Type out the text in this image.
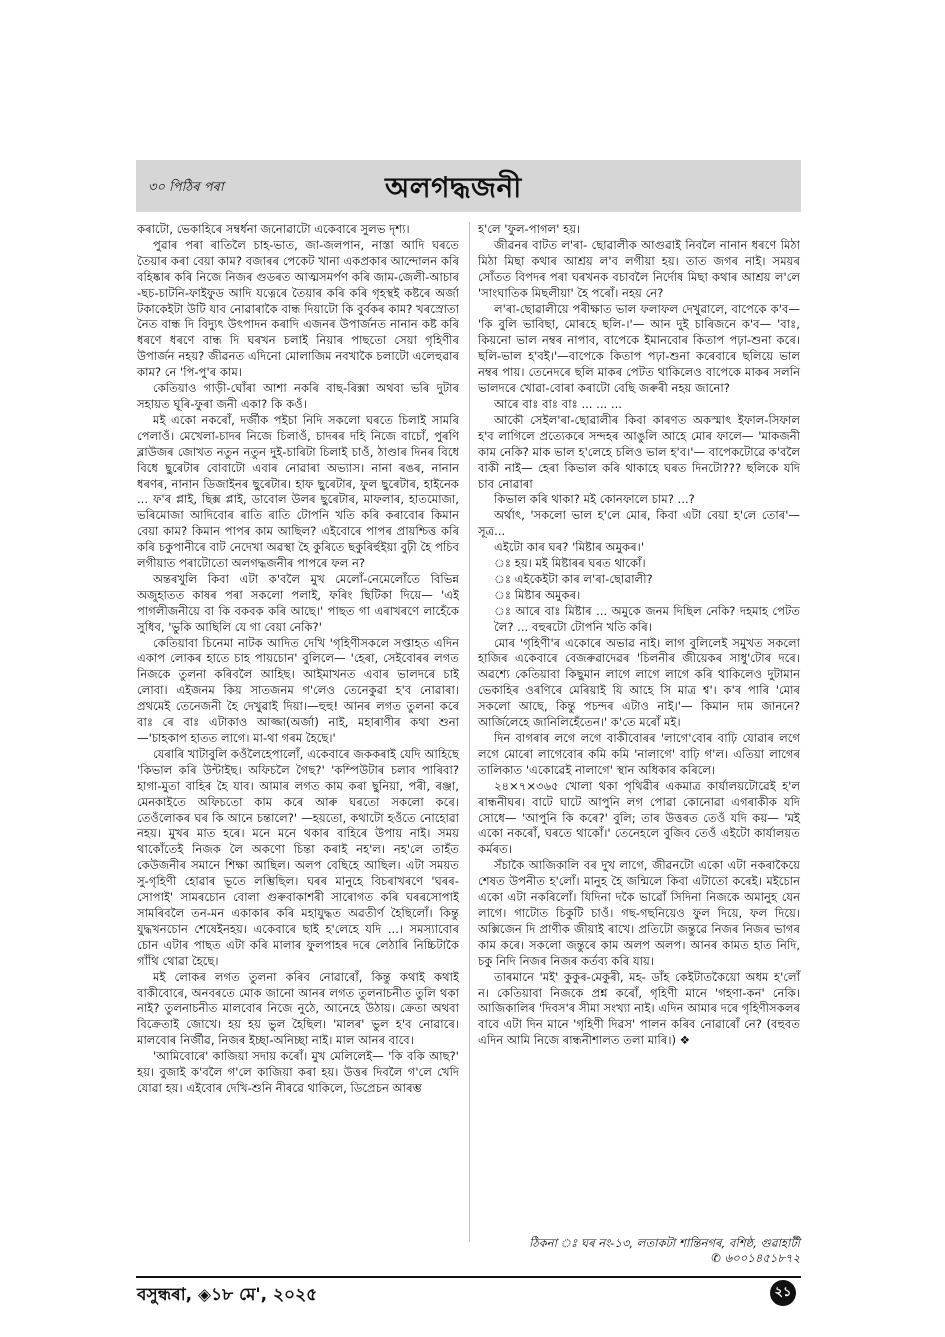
৩০ পিঠিৰ পৰা	অলগদ্ধজনী

কৰাটো, ভেকাহিৰে সম্বৰ্ধনা জনোৱাটো একেবাৰে সুলভ দৃশ্য।

পুৱাৰ পৰা ৰাতিলৈ চাহ-ভাত, জা-জলপান, নাস্তা আদি ঘৰতে তৈয়াৰ কৰা বেয়া কাম? বজাৰৰ পেকেট খানা একপ্ৰকাৰ আন্দোলন কৰি বহিষ্কাৰ কৰি নিজে নিজৰ গুডৰত আত্মসমৰ্পণ কৰি জাম-জেলী-আচাৰ -ছচ-চাটনি-ফাইফুড আদি যত্নেৰে তৈয়াৰ কৰি কৰি গৃহস্থই কষ্টৰে অৰ্জা টকাকেইটা উটি যাব নোৱাৰাকৈ বান্ধ দিয়াটো কি বুৰ্বকৰ কাম? খৰস্ৰোতা নৈত বান্ধ দি বিদ্যুৎ উৎপাদন কৰাদি এজনৰ উপাৰ্জনত নানান কষ্ট কৰি ধৰণে ধৰণে বান্ধ দি ঘৰখন চলাই নিয়াৰ পাছতো সেয়া গৃহিণীৰ উপাৰ্জন নহয়? জীৱনত এদিনো মোলাজিম নবখাকৈ চলাটো এলেহুৱাৰ কাম? নে 'পি-পু'ৰ কাম।

কেতিয়াও গাড়ী-ঘোঁৰা আশা নকৰি বাছ-ৰিক্সা অথবা ভৰি দুটাৰ সহায়ত ঘূৰি-ফুৰা জনী একা? কি কওঁ।

মই একো নকৰোঁ, দৰ্জীক পইচা নিদি সকলো ঘৰতে চিলাই সামৰি পেলাওঁ। মেখেলা-চাদৰ নিজে চিলাওঁ, চাদৰৰ দহি নিজে বাচোঁ, পুৰণি ব্লাউজৰ জোখত নতুন নতুন দুই-চাৰিটা চিলাই চাওঁ, ঠাণ্ডাৰ দিনৰ বিধে বিধে ছুৰেটাৰ বোবাটো এবাৰ নোৱাৰা অভ্যাস। নানা ৰঙৰ, নানান ধৰণৰ, নানান ডিজাইনৰ ছুৰেটাৰ। হাফ ছুৰেটাৰ, ফুল ছুৰেটাৰ, হাইনেক ... ফ'ৰ প্লাই, ছিক্স প্লাই, ডাবোল উলৰ ছুৰেটাৰ, মাফলাৰ, হাতমোজা, ভৰিমোজা আদিবোৰ ৰাতি ৰাতি টোপনি খতি কৰি কৰাবোৰ কিমান বেয়া কাম? কিমান পাপৰ কাম আছিল? এইবোৰে পাপৰ প্ৰায়শ্চিত্ত কৰি কৰি চকুপানীৰে বাট নেদেখা অৱস্থা হৈ কুৰিতে ছকুৰিৰ্হুইয়া বুঢ়ী হৈ পচিব লগীয়াত পৰাটোতো অলগদ্ধজনীৰ পাপৰে ফল ন?

অন্তৰখুলি কিবা এটা ক'বলৈ মুখ মেলোঁ-নেমেলোঁতে বিভিন্ন অজুহাতত কাষৰ পৰা সকলো পলাই, ফৰিং ছিটিকা দিয়ে— 'এই পাগলীজনীয়ে বা কি বকবক কৰি আছে।' পাছত গা এৰাখৰণে লাহেঁকে সুধিব, 'ভুকি আছিলি যে গা বেয়া নেকি?'

কেতিয়াবা চিনেমা নাটক আদিত দেখি 'গৃহিণীসকলে সপ্তাহত এদিন একাপ লোকৰ হাতে চাহ পায়চোন' বুলিলে— 'হেৰা, সেইবোৰৰ লগত নিজকে তুলনা কৰিবলৈ আহিছ। আইমাখনত এবাৰ ভালদৰে চাই লোবা। এইজনম কিয় সাতজনম গ'লেও তেনেকুৱা হ'ব নোৱাৰা। প্ৰথমেই তেনেজনী হৈ দেখুৱাই দিয়া।—হুহু! আনৰ লগত তুলনা কৰে বাঃ ৰে বাঃ এটাকাও আজ্জা(অৰ্জা) নাই, মহাৰাণীৰ কথা শুনা—'চাহকাপ হাতত লাগে। মা-থা গৰম হৈছে।'

যেৰাৰি খাটাবুলি কওঁলৈহেপালোঁ, একেবাৰে জককৰাই যেদি আহিছে 'কিভাল কৰি উন্টাইছ। অফিচলৈ গৈছ?' 'কম্পিউটাৰ চলাব পাৰিবা? হাগা-মুতা বাহিৰ হৈ যাব। আমাৰ লগত কাম কৰা ছুনিয়া, পৰী, ৰঞ্জা, মেনকাইতে অফিচতো কাম কৰে আৰু ঘৰতো সকলো কৰে। তেওঁলোকৰ ঘৰ কি আনে চন্তালে?' —হয়তো, কথাটো হওঁতে নোহোৱা নহয়। মুখৰ মাত হৰে। মনে মনে থকাৰ বাহিৰে উপায় নাই। সময় থাকোঁতেই নিজক লৈ অকণো চিন্তা কৰাই নহ'ল। নহ'লে তাহঁত কেউজনীৰ সমানে শিক্ষা আছিল। অলপ বেছিহে আছিল। এটা সময়ত সু-গৃহিণী হোৱাৰ ভূতে লম্ভিছিল। ঘৰৰ মানুহে বিচৰাখৰণে 'ঘৰৰ-সোপাই' সামৰচোন বোলা গুৰুবাকাশৰী সাৰোগত কৰি ঘৰৰসোপাই সামৰিবলৈ তন-মন একাকাৰ কৰি মহাযুদ্ধত অৱতীৰ্ণ হৈছিলোঁ। কিন্তু যুদ্ধখনচোন শেষেইনহয়। একেবাৰে ছাই হ'লেহে যদি ...। সমস্যাবোৰ চোন এটাৰ পাছত এটা কৰি মালাৰ ফুলপাহৰ দৰে লেঠাৰি নিচ্চিটাকৈ গাঁথি থোৱা হৈছে।

মই লোকৰ লগত তুলনা কৰিব নোৱাৰোঁ, কিন্তু কথাই কথাই বাকীবোৰে, অনবৰতে মোক জানো আনৰ লগত তুলনাচনীত তুলি থকা নাই? তুলনাচনীত মালবোৰ নিজে নুঠে, আনেহে উঠায়। ক্ৰেতা অথবা বিক্ৰেতাই জোখে। হয় হয় ভুল হৈছিল। 'মালৰ' ভুল হ'ব নোৱাৰে। মালবোৰ নিৰ্জীৱ, নিজৰ ইচ্ছা-অনিচ্ছা নাই। মাল আনৰ বাবে।

'আমিবোৰে' কাজিয়া সদায় কৰোঁ। মুখ মেলিলেই— 'কি বকি আছ?' হয়। বুজাই ক'বলৈ গ'লে কাজিয়া কৰা হয়। উত্তৰ দিবলৈ গ'লে খেদি যোৱা হয়। এইবোৰ দেখি-শুনি নীৰৱে থাকিলে, ডিপ্ৰেচন আৰম্ভ

হ'লে 'ফুল-পাগল' হয়।

জীৱনৰ বাটত ল'ৰা- ছোৱালীক আগুৱাই নিবলৈ নানান ধৰণে মিঠা মিঠা মিছা কথাৰ আশ্ৰয় ল'ব লগীয়া হয়। তাত জগৰ নাই। সময়ৰ সোঁতত বিপদৰ পৰা ঘৰখনক বচাবলৈ নিৰ্দোষ মিছা কথাৰ আশ্ৰয় ল'লে 'সাংঘাতিক মিছলীয়া' হৈ পৰোঁ। নহয় নে?

ল'ৰা-ছোৱালীয়ে পৰীক্ষাত ভাল ফলাফল দেখুৱালে, বাপেকে ক'ব— 'কি বুলি ভাবিছা, মোৰহে ছলি-।'— আন দুই চাৰিজনে ক'ব— 'বাঃ, কিয়নো ভাল নম্বৰ নাপাব, বাপেকে ইমানবোৰ কিতাপ পঢ়া-শুনা কৰে। ছলি-ভাল হ'বই।'—বাপেকে কিতাপ পঢ়া-শুনা কৰেবাৰে ছলিয়ে ভাল নম্বৰ পায়। তেনেদৰে ছলি মাকৰ পেটত থাকিলেও বাপেকে মাকৰ সলনি ভালদৰে খোৱা-বোৰা কৰাটো বেছি জৰুৰী নহয় জানো?

আৰে বাঃ বাঃ বাঃ ... ... ...

আকৌ সেইল'ৰা-ছোৱালীৰ কিবা কাৰণত অকস্মাৎ ইফাল-সিফাল হ'ব লাগিলে প্ৰত্যেকৰে সন্দহৰ আঙুলি আহে মোৰ ফালে— 'মাকজনী কাম নেকি? মাক ভাল হ'লেহে চলিও ভাল হ'ব।'— বাপেকটোৱে ক'বলৈ বাকী নাই— হেৰা কিভাল কৰি থাকাহে ঘৰত দিনটো??? ছলিকে যদি চাব নোৱাৰা

কিভাল কৰি থাকা? মই কোনফালে চাম? ...?

অৰ্থাৎ, 'সকলো ভাল হ'লে মোৰ, কিবা এটা বেয়া হ'লে তোৰ'—সূত্ৰ...

এইটো কাৰ ঘৰ? 'মিষ্টাৰ অমুকৰ।'

ঃ হয়। মই মিষ্টাৰৰ ঘৰত থাকোঁ।

ঃ এইকেইটা কাৰ ল'ৰা-ছোৱালী?

ঃ মিষ্টাৰ অমুকৰ।

ঃ আৰে বাঃ মিষ্টাৰ ... অমুকে জনম দিছিল নেকি? দহমাহ পেটত লৈ? ... বহুৰটো টোপনি খতি কৰি।

মোৰ 'গৃহিণী'ৰ একোৰে অভাৱ নাই। লাগ বুলিলেই সমুখত সকলো হাজিৰ একেবাৰে বেজৰুৱাদেৱৰ 'চিলনীৰ জীয়েকৰ সাধু'টোৰ দৰে। অৱশ্যে কেতিয়াবা কিছুমান লাগে লাগে লাগে কৰি থাকিলেও দুটামান ভেকাহিৰ ওৰণিৰে মেৰিয়াই যি আহে সি মাত্ৰ শ্ব'। ক'ৰ পাৰি 'মোৰ সকলো আছে, কিন্তু পচন্দৰ এটাও নাই।'— কিমান দাম জাননে? আৰ্জিলেহে জানিলিহেঁতেন।' ক'তে মৰোঁ মই।

দিন বাগৰাৰ লগে লগে বাকীবোৰৰ 'লাগে'বোৰ বাঢ়ি যোৱাৰ লগে লগে মোৰো লাগেবোৰ কমি কমি 'নালাগে' বাঢ়ি গ'ল। এতিয়া লাগেৰ তালিকাত 'একোৱেই নালাগে' স্থান অধিকাৰ কৰিলে।

২৪×৭×৩৬৫ খোলা থকা পৃথিৱীৰ একমাত্ৰ কাৰ্যালয়টোৱেই হ'ল ৰান্ধনীঘৰ। বাটে ঘাটে আপুনি লগ পোৱা কোনোৱা এগৰাকীক যদি সোধে— 'আপুনি কি কৰে?' বুলি; তাৰ উত্তৰত তেওঁ যদি কয়— 'মই একো নকৰোঁ, ঘৰতে থাকোঁ।' তেনেহলে বুজিব তেওঁ এইটো কাৰ্যালয়ত কৰ্মৰত।

সঁচাকৈ আজিকালি বৰ দুখ লাগে, জীৱনটো একো এটা নকৰাকৈয়ে শেষত উপনীত হ'লোঁ। মানুহ হৈ জন্মিলে কিবা এটাতো কৰেই। মইচোন একো এটা নকৰিলোঁ। যিদিনা দকৈ ভাৱোঁ সিদিনা নিজকে অমানুহ যেন লাগে। গাটোত চিকুটি চাওঁ। গছ-গছনিয়েও ফুল দিয়ে, ফল দিয়ে। অক্সিজেন দি প্ৰাণীক জীয়াই ৰাখে। প্ৰতিটো জন্তুৱে নিজৰ নিজৰ ভাগৰ কাম কৰে। সকলো জন্তুৰে কাম অলপ অলপ। আনৰ কামত হাত নিদি, চকু নিদি নিজৰ নিজৰ কৰ্তব্য কৰি যায়।

তাৰমানে 'মই' কুকুৰ-মেকুৰী, মহ- ডাঁহ কেইটাতকৈয়ো অধম হ'লোঁ ন। কেতিয়াবা নিজকে প্ৰশ্ন কৰোঁ, গৃহিণী মানে 'গহণা-কন' নেকি। আজিকালিৰ 'দিবস'ৰ সীমা সংখ্যা নাই। এদিন আমাৰ দৰে গৃহিণীসকলৰ বাবে এটা দিন মানে 'গৃহিণী দিৱস' পালন কৰিব নোৱাৰোঁ নে? (বহুবত এদিন আমি নিজে ৰান্ধনীশালত তলা মাৰি।) ❖

ঠিকনা ঃ ঘৰ নং-১৩, লতাকটা শান্তিনগৰ, বশিষ্ঠ, গুৱাহাটী
✆ ৬০০১৪৫১৮৭২
বসুন্ধৰা, ◈১৮ মে', ২০২৫	২১
